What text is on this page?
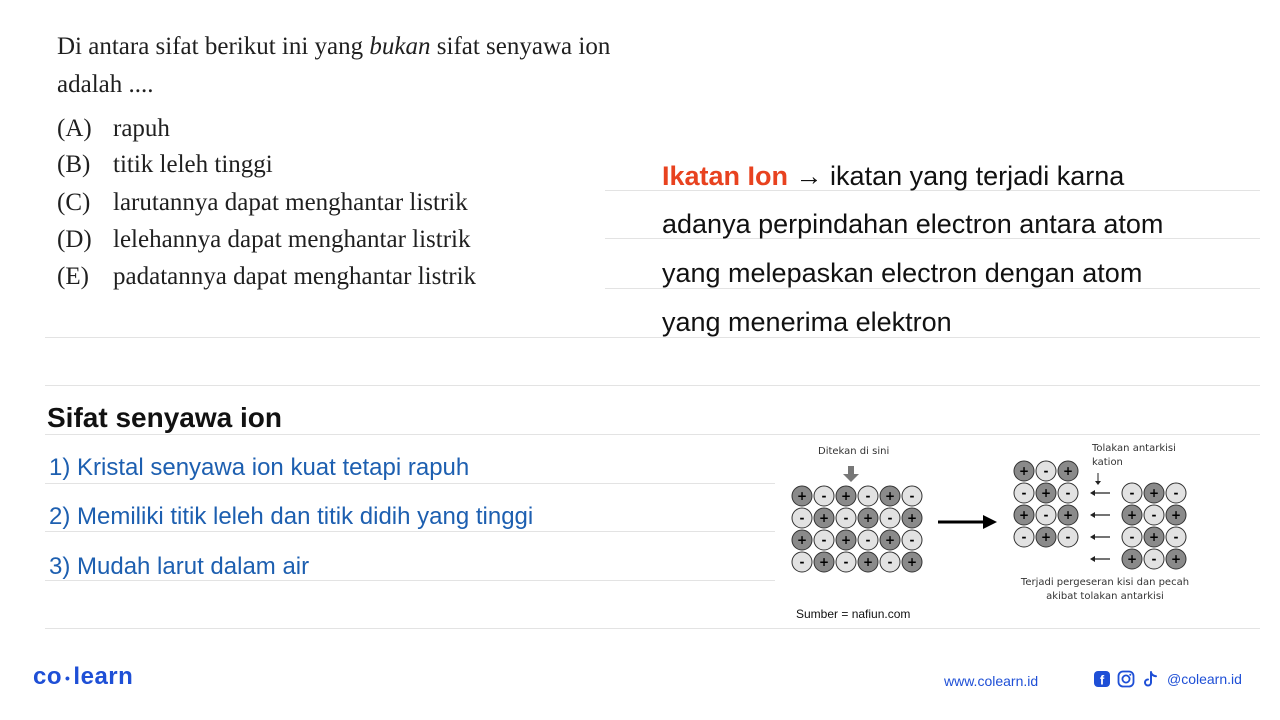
Di antara sifat berikut ini yang bukan sifat senyawa ion adalah ....
(A) rapuh
(B) titik leleh tinggi
(C) larutannya dapat menghantar listrik
(D) lelehannya dapat menghantar listrik
(E) padatannya dapat menghantar listrik
Ikatan Ion → ikatan yang terjadi karna
adanya perpindahan electron antara atom
yang melepaskan electron dengan atom
yang menerima elektron
Sifat senyawa ion
1) Kristal senyawa ion kuat tetapi rapuh
2) Memiliki titik leleh dan titik didih yang tinggi
3) Mudah larut dalam air
Ditekan di sini	Tolakan antarkisi
kation
Terjadi pergeseran kisi dan pecah
akibat tolakan antarkisi
+ - + - + -
- + - + - +
+ - + - + -
- + - + - +
+ - +
- + -
+ - +
- + -
- + -
+ - +
- + -
+ - +
Sumber = nafiun.com
co • learn	www.colearn.id	f	@colearn.id
